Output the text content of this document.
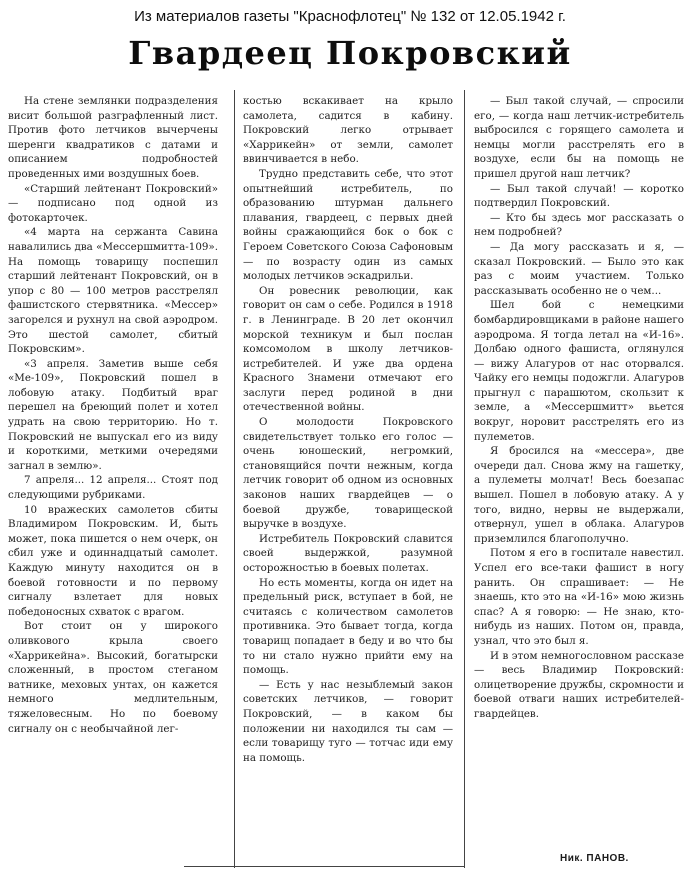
Из материалов газеты "Краснофлотец" № 132 от 12.05.1942 г.
Гвардеец Покровский

На стене землянки подразделения висит большой разграфленный лист. Против фото летчиков вычерчены шеренги квадратиков с датами и описанием подробностей проведенных ими воздушных боев.

«Старший лейтенант Покровский» — подписано под одной из фотокарточек.

«4 марта на сержанта Савина навалились два «Мессершмитта-109». На помощь товарищу поспешил старший лейтенант Покровский, он в упор с 80 — 100 метров расстрелял фашистского стервятника. «Мессер» загорелся и рухнул на свой аэродром. Это шестой самолет, сбитый Покровским».

«3 апреля. Заметив выше себя «Ме-109», Покровский пошел в лобовую атаку. Подбитый враг перешел на бреющий полет и хотел удрать на свою территорию. Но т. Покровский не выпускал его из виду и короткими, меткими очередями загнал в землю».

7 апреля... 12 апреля... Стоят под следующими рубриками.

10 вражеских самолетов сбиты Владимиром Покровским. И, быть может, пока пишется о нем очерк, он сбил уже и одиннадцатый самолет. Каждую минуту находится он в боевой готовности и по первому сигналу взлетает для новых победоносных схваток с врагом.

Вот стоит он у широкого оливкового крыла своего «Харрикейна». Высокий, богатырски сложенный, в простом стеганом ватнике, меховых унтах, он кажется немного медлительным, тяжеловесным. Но по боевому сигналу он с необычайной лег-

костью вскакивает на крыло самолета, садится в кабину. Покровский легко отрывает «Харрикейн» от земли, самолет ввинчивается в небо.

Трудно представить себе, что этот опытнейший истребитель, по образованию штурман дальнего плавания, гвардеец, с первых дней войны сражающийся бок о бок с Героем Советского Союза Сафоновым — по возрасту один из самых молодых летчиков эскадрильи.

Он ровесник революции, как говорит он сам о себе. Родился в 1918 г. в Ленинграде. В 20 лет окончил морской техникум и был послан комсомолом в школу летчиков-истребителей. И уже два ордена Красного Знамени отмечают его заслуги перед родиной в дни отечественной войны.

О молодости Покровского свидетельствует только его голос — очень юношеский, негромкий, становящийся почти нежным, когда летчик говорит об одном из основных законов наших гвардейцев — о боевой дружбе, товарищеской выручке в воздухе.

Истребитель Покровский славится своей выдержкой, разумной осторожностью в боевых полетах.

Но есть моменты, когда он идет на предельный риск, вступает в бой, не считаясь с количеством самолетов противника. Это бывает тогда, когда товарищ попадает в беду и во что бы то ни стало нужно прийти ему на помощь.

— Есть у нас незыблемый закон советских летчиков, — говорит Покровский, — в каком бы положении ни находился ты сам — если товарищу туго — тотчас иди ему на помощь.

— Был такой случай, — спросили его, — когда наш летчик-истребитель выбросился с горящего самолета и немцы могли расстрелять его в воздухе, если бы на помощь не пришел другой наш летчик?

— Был такой случай! — коротко подтвердил Покровский.

— Кто бы здесь мог рассказать о нем подробней?

— Да могу рассказать и я, — сказал Покровский. — Было это как раз с моим участием. Только рассказывать особенно не о чем...

Шел бой с немецкими бомбардировщиками в районе нашего аэродрома. Я тогда летал на «И-16». Долбаю одного фашиста, оглянулся — вижу Алагуров от нас оторвался. Чайку его немцы подожгли. Алагуров прыгнул с парашютом, скользит к земле, а «Мессершмитт» вьется вокруг, норовит расстрелять его из пулеметов.

Я бросился на «мессера», две очереди дал. Снова жму на гашетку, а пулеметы молчат! Весь боезапас вышел. Пошел в лобовую атаку. А у того, видно, нервы не выдержали, отвернул, ушел в облака. Алагуров приземлился благополучно.

Потом я его в госпитале навестил. Успел его все-таки фашист в ногу ранить. Он спрашивает: — Не знаешь, кто это на «И-16» мою жизнь спас? А я говорю: — Не знаю, кто-нибудь из наших. Потом он, правда, узнал, что это был я.

И в этом немногословном рассказе — весь Владимир Покровский: олицетворение дружбы, скромности и боевой отваги наших истребителей-гвардейцев.

Ник. ПАНОВ.
